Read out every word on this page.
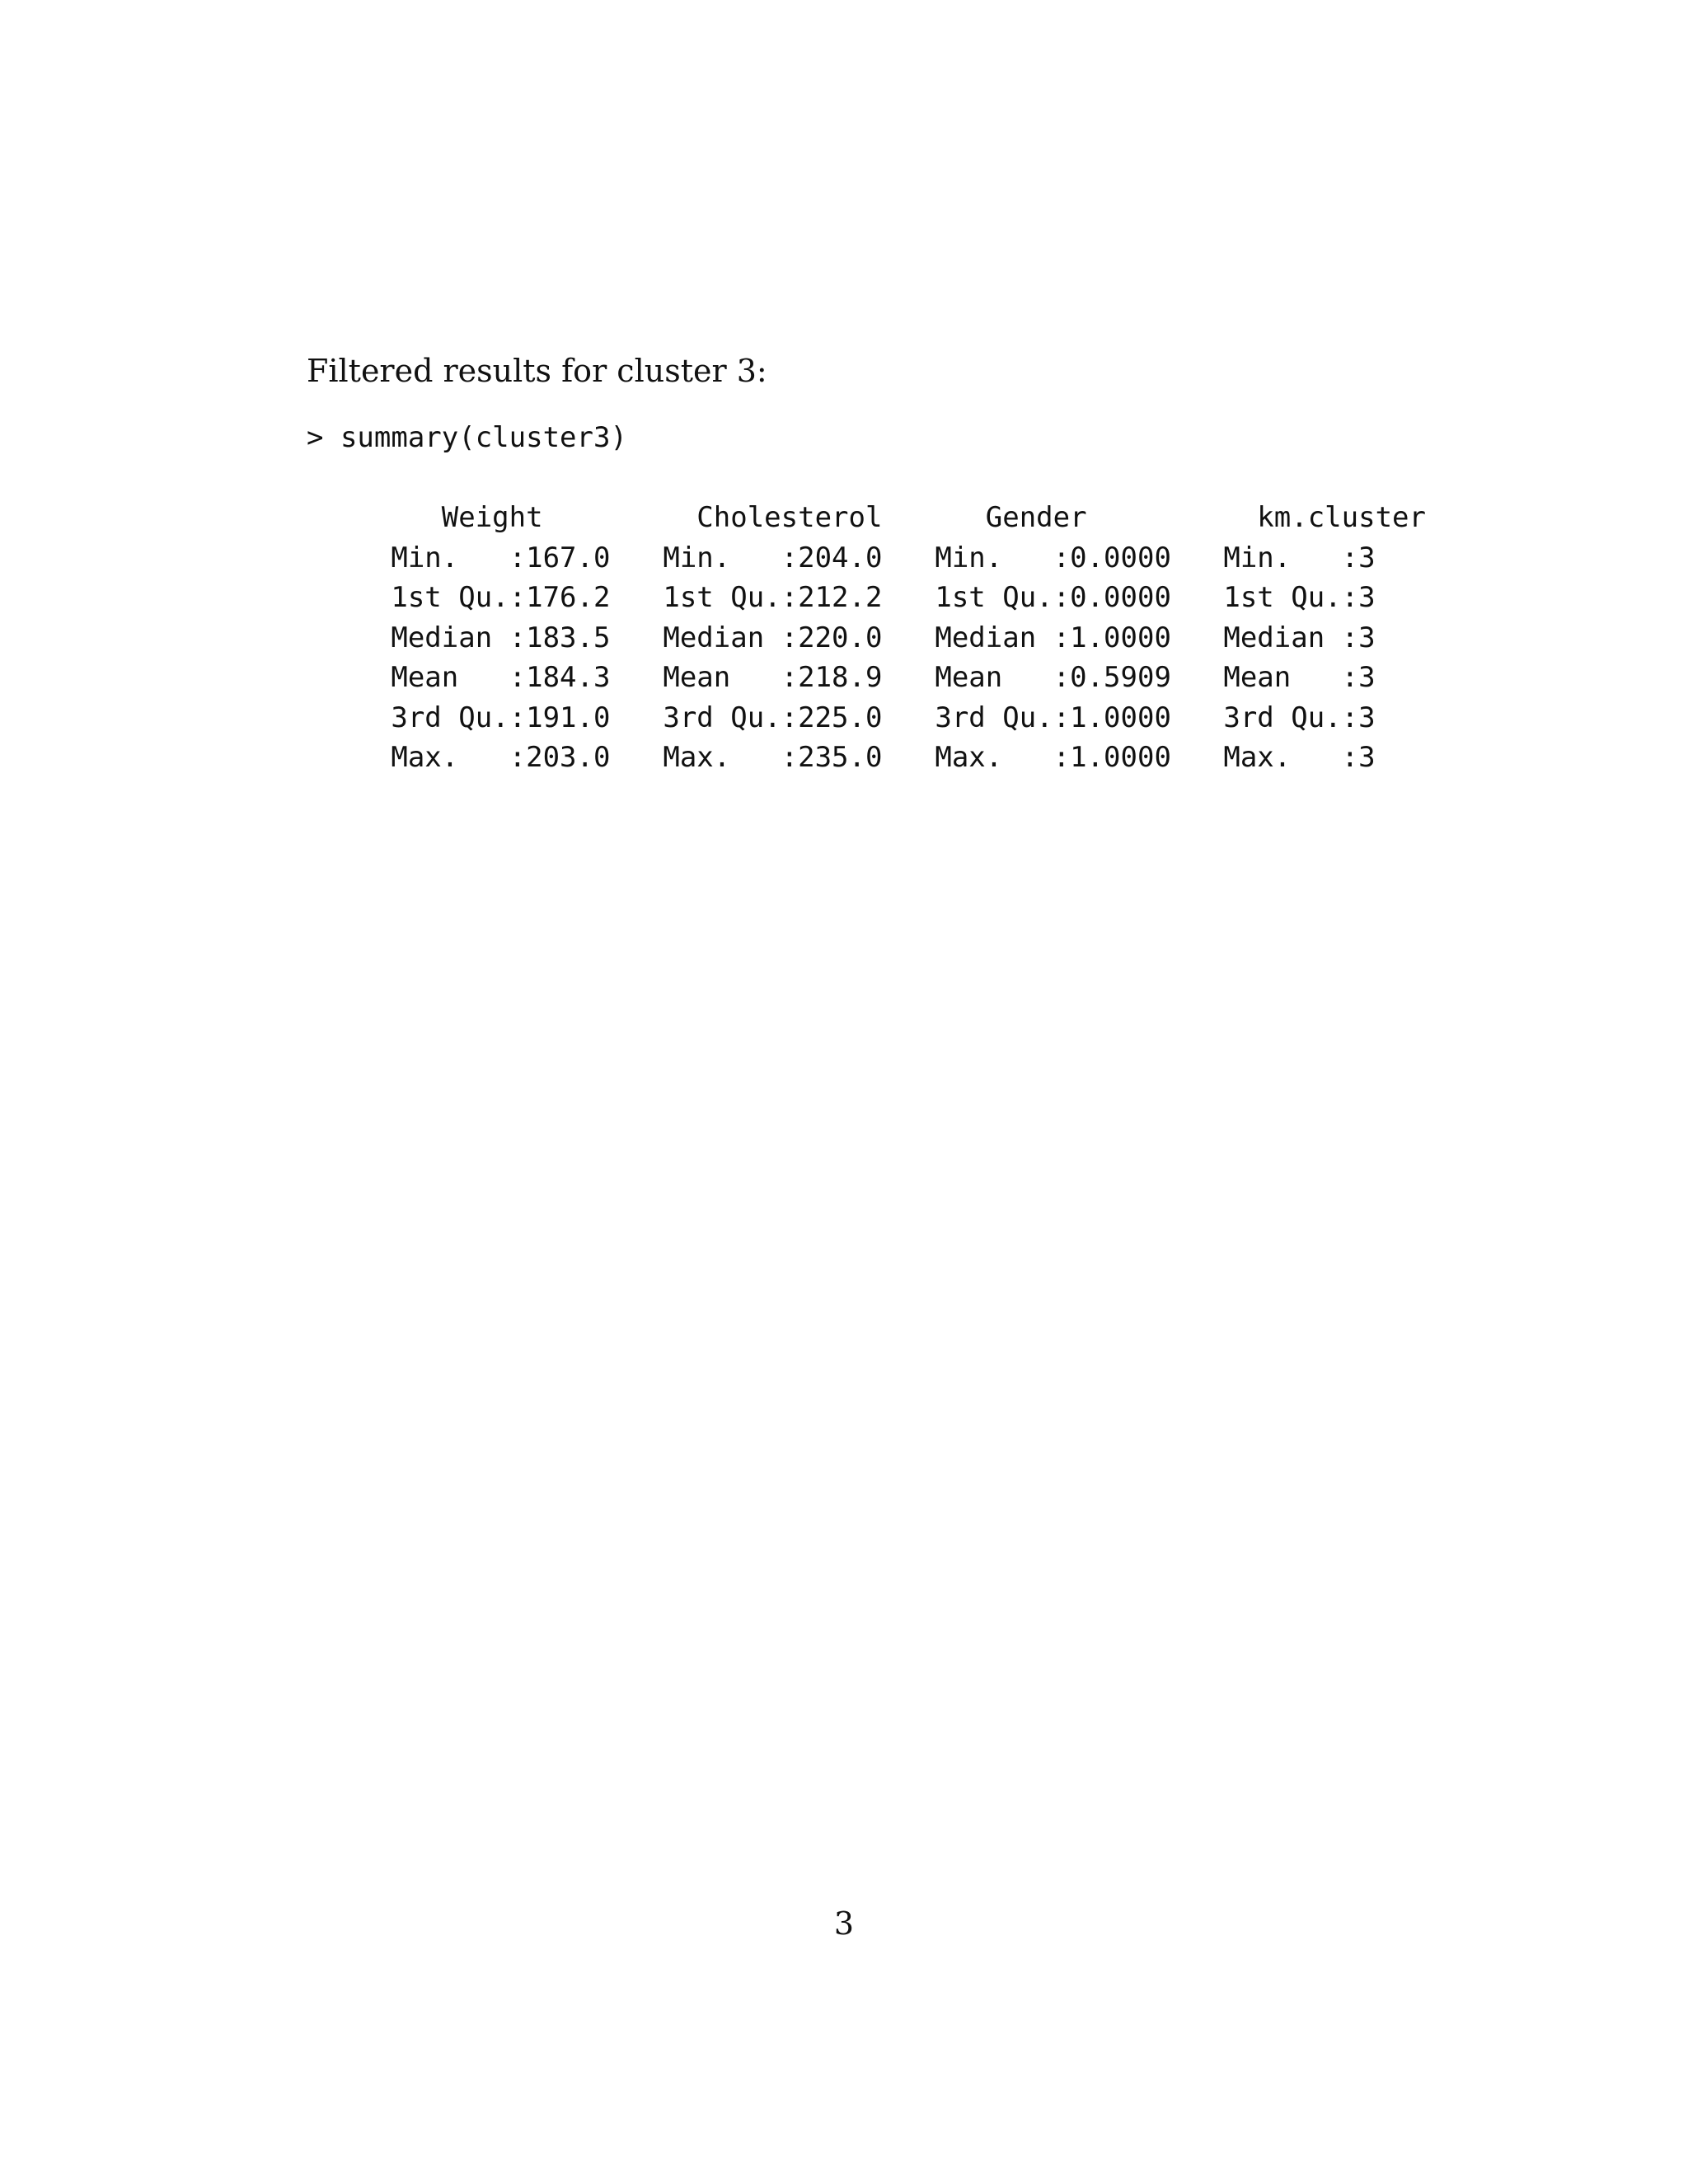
Filtered results for cluster 3:

> summary(cluster3)

Weight	Cholesterol    Gender	km.cluster

Min.   :167.0 Min.   :204.0 Min.   :0.0000 Min.   :3

1st Qu.:176.2 1st Qu.:212.2 1st Qu.:0.0000 1st Qu.:3

Median :183.5 Median :220.0 Median :1.0000 Median :3

Mean   :184.3 Mean   :218.9 Mean   :0.5909 Mean   :3

3rd Qu.:191.0 3rd Qu.:225.0 3rd Qu.:1.0000 3rd Qu.:3

Max.   :203.0 Max.   :235.0 Max.   :1.0000 Max.   :3

3
